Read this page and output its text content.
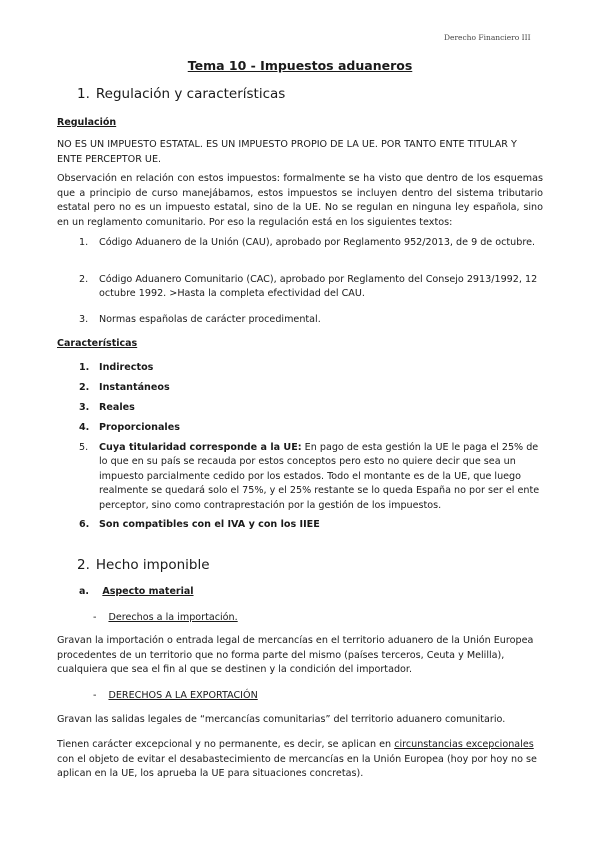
Derecho Financiero III
Tema 10 - Impuestos aduaneros
1. Regulación y características
Regulación

NO ES UN IMPUESTO ESTATAL. ES UN IMPUESTO PROPIO DE LA UE. POR TANTO ENTE TITULAR Y ENTE PERCEPTOR UE.

Observación en relación con estos impuestos: formalmente se ha visto que dentro de los esquemas que a principio de curso manejábamos, estos impuestos se incluyen dentro del sistema tributario estatal pero no es un impuesto estatal, sino de la UE. No se regulan en ninguna ley española, sino en un reglamento comunitario. Por eso la regulación está en los siguientes textos:

1.	Código Aduanero de la Unión (CAU), aprobado por Reglamento 952/2013, de 9 de octubre.
2.	Código Aduanero Comunitario (CAC), aprobado por Reglamento del Consejo 2913/1992, 12 octubre 1992. >Hasta la completa efectividad del CAU.
3.	Normas españolas de carácter procedimental.
Características
1.	Indirectos
2.	Instantáneos
3.	Reales
4.	Proporcionales
5.	Cuya titularidad corresponde a la UE: En pago de esta gestión la UE le paga el 25% de lo que en su país se recauda por estos conceptos pero esto no quiere decir que sea un impuesto parcialmente cedido por los estados. Todo el montante es de la UE, que luego realmente se quedará solo el 75%, y el 25% restante se lo queda España no por ser el ente perceptor, sino como contraprestación por la gestión de los impuestos.
6.	Son compatibles con el IVA y con los IIEE
2. Hecho imponible
a. Aspecto material
- Derechos a la importación.

Gravan la importación o entrada legal de mercancías en el territorio aduanero de la Unión Europea procedentes de un territorio que no forma parte del mismo (países terceros, Ceuta y Melilla), cualquiera que sea el fin al que se destinen y la condición del importador.

- DERECHOS A LA EXPORTACIÓN

Gravan las salidas legales de “mercancías comunitarias” del territorio aduanero comunitario.

Tienen carácter excepcional y no permanente, es decir, se aplican en circunstancias excepcionales con el objeto de evitar el desabastecimiento de mercancías en la Unión Europea (hoy por hoy no se aplican en la UE, los aprueba la UE para situaciones concretas).
